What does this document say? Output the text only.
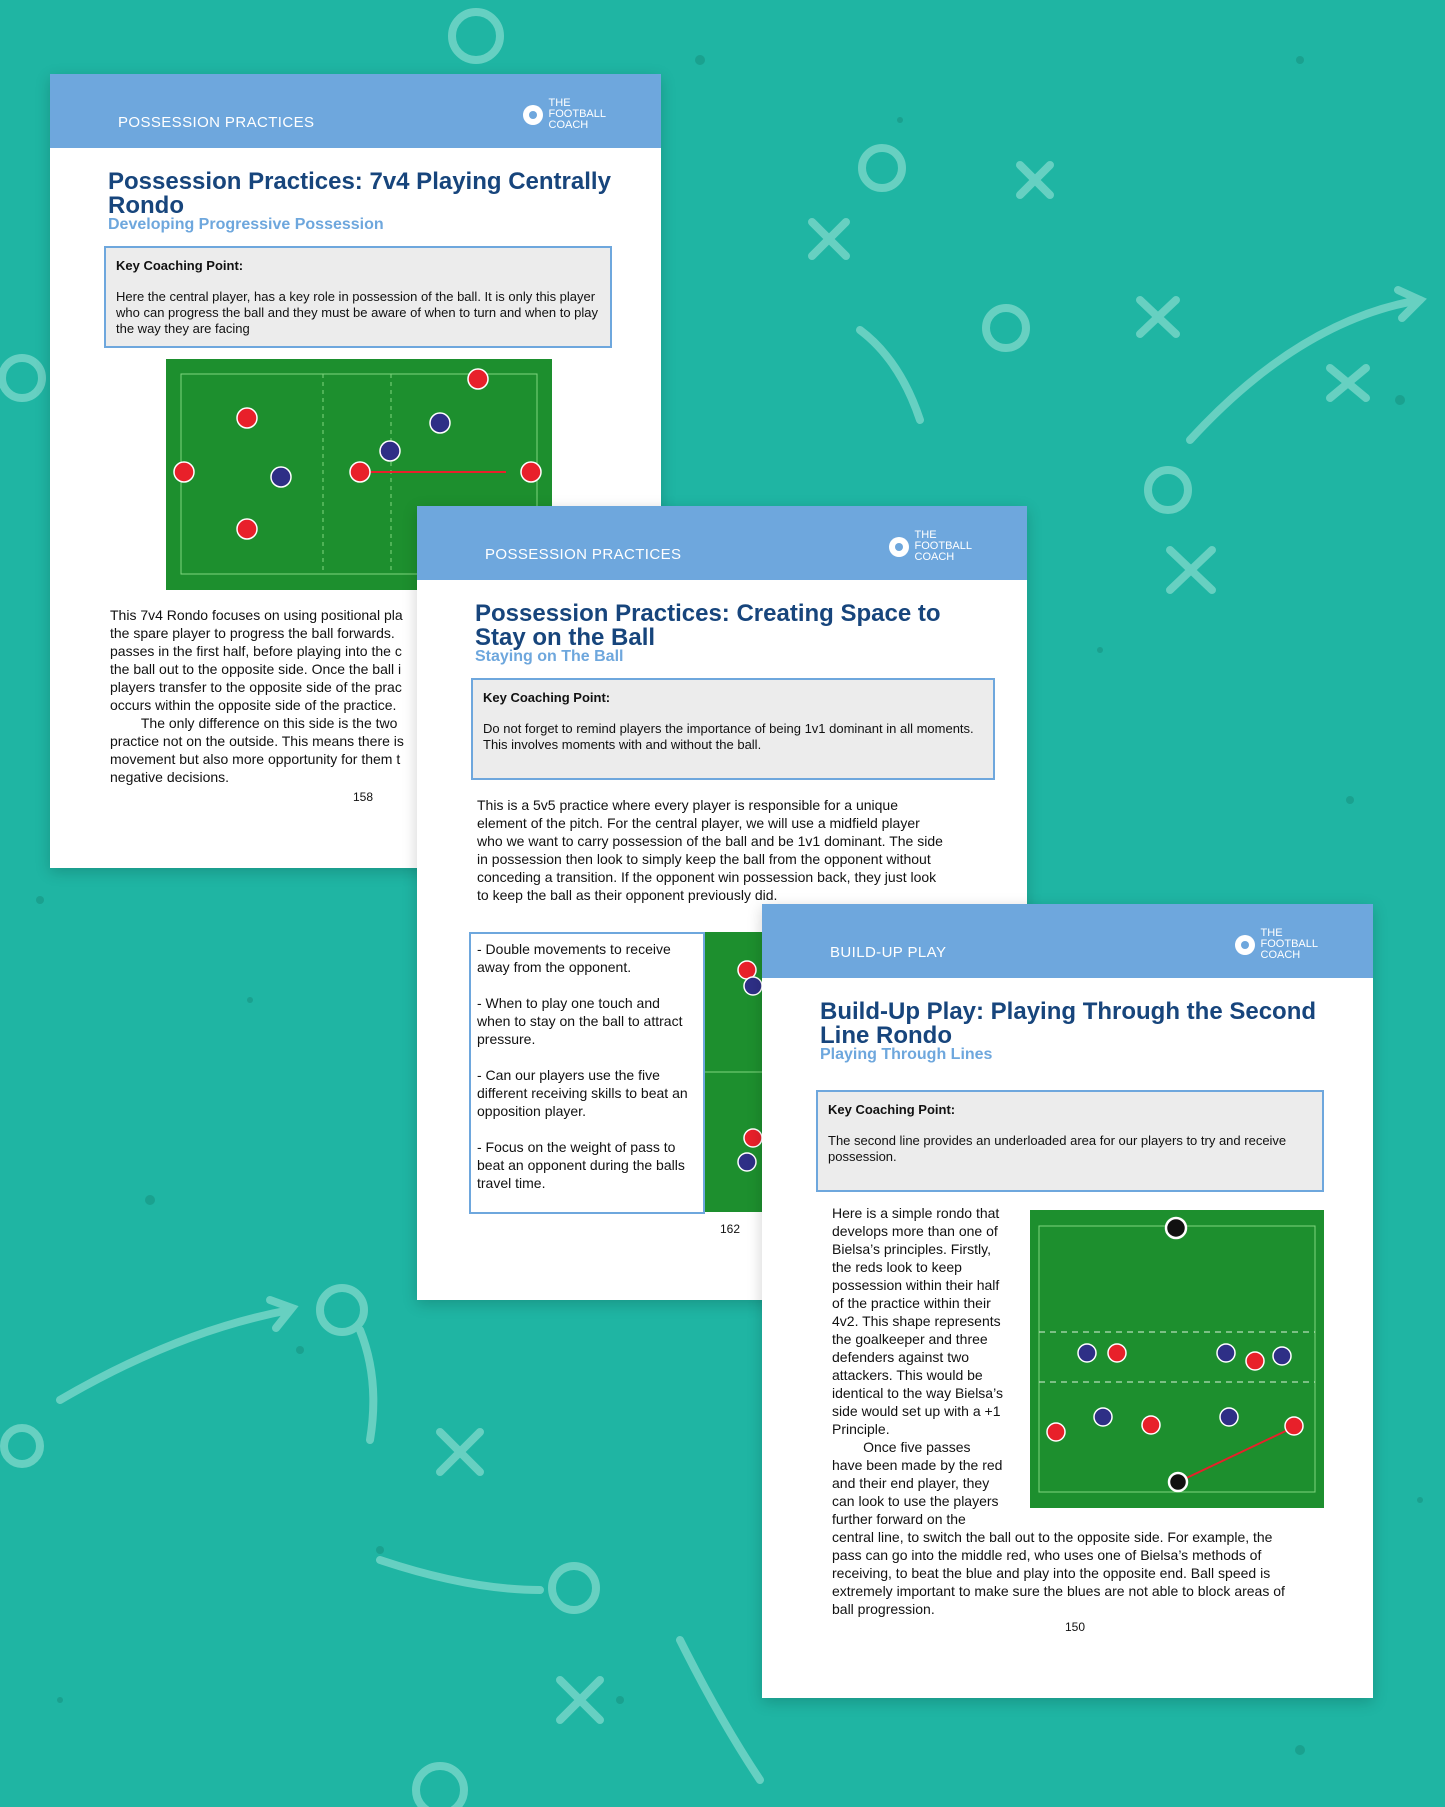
POSSESSION PRACTICES
THE
FOOTBALL
COACH
Possession Practices: 7v4 Playing Centrally
Rondo
Developing Progressive Possession
Key Coaching Point:
Here the central player, has a key role in possession of the ball. It is only this player who can progress the ball and they must be aware of when to turn and when to play the way they are facing
This 7v4 Rondo focuses on using positional pla
the spare player to progress the ball forwards.
passes in the first half, before playing into the c
the ball out to the opposite side. Once the ball i
players transfer to the opposite side of the prac
occurs within the opposite side of the practice.
The only difference on this side is the two
practice not on the outside. This means there is
movement but also more opportunity for them t
negative decisions.
158
POSSESSION PRACTICES
THE
FOOTBALL
COACH
Possession Practices: Creating Space to
Stay on the Ball
Staying on The Ball
Key Coaching Point:
Do not forget to remind players the importance of being 1v1 dominant in all moments. This involves moments with and without the ball.
This is a 5v5 practice where every player is responsible for a unique
element of the pitch. For the central player, we will use a midfield player
who we want to carry possession of the ball and be 1v1 dominant. The side
in possession then look to simply keep the ball from the opponent without
conceding a transition. If the opponent win possession back, they just look
to keep the ball as their opponent previously did.

- Double movements to receive away from the opponent.

- When to play one touch and when to stay on the ball to attract pressure.

- Can our players use the five different receiving skills to beat an opposition player.

- Focus on the weight of pass to beat an opponent during the balls travel time.

162
BUILD-UP PLAY
THE
FOOTBALL
COACH
Build-Up Play: Playing Through the Second
Line Rondo
Playing Through Lines
Key Coaching Point:
The second line provides an underloaded area for our players to try and receive possession.
Here is a simple rondo that
develops more than one of
Bielsa’s principles. Firstly,
the reds look to keep
possession within their half
of the practice within their
4v2. This shape represents
the goalkeeper and three
defenders against two
attackers. This would be
identical to the way Bielsa’s
side would set up with a +1
Principle.
Once five passes
have been made by the red
and their end player, they
can look to use the players
further forward on the
central line, to switch the ball out to the opposite side. For example, the
pass can go into the middle red, who uses one of Bielsa’s methods of
receiving, to beat the blue and play into the opposite end. Ball speed is
extremely important to make sure the blues are not able to block areas of
ball progression.
150
